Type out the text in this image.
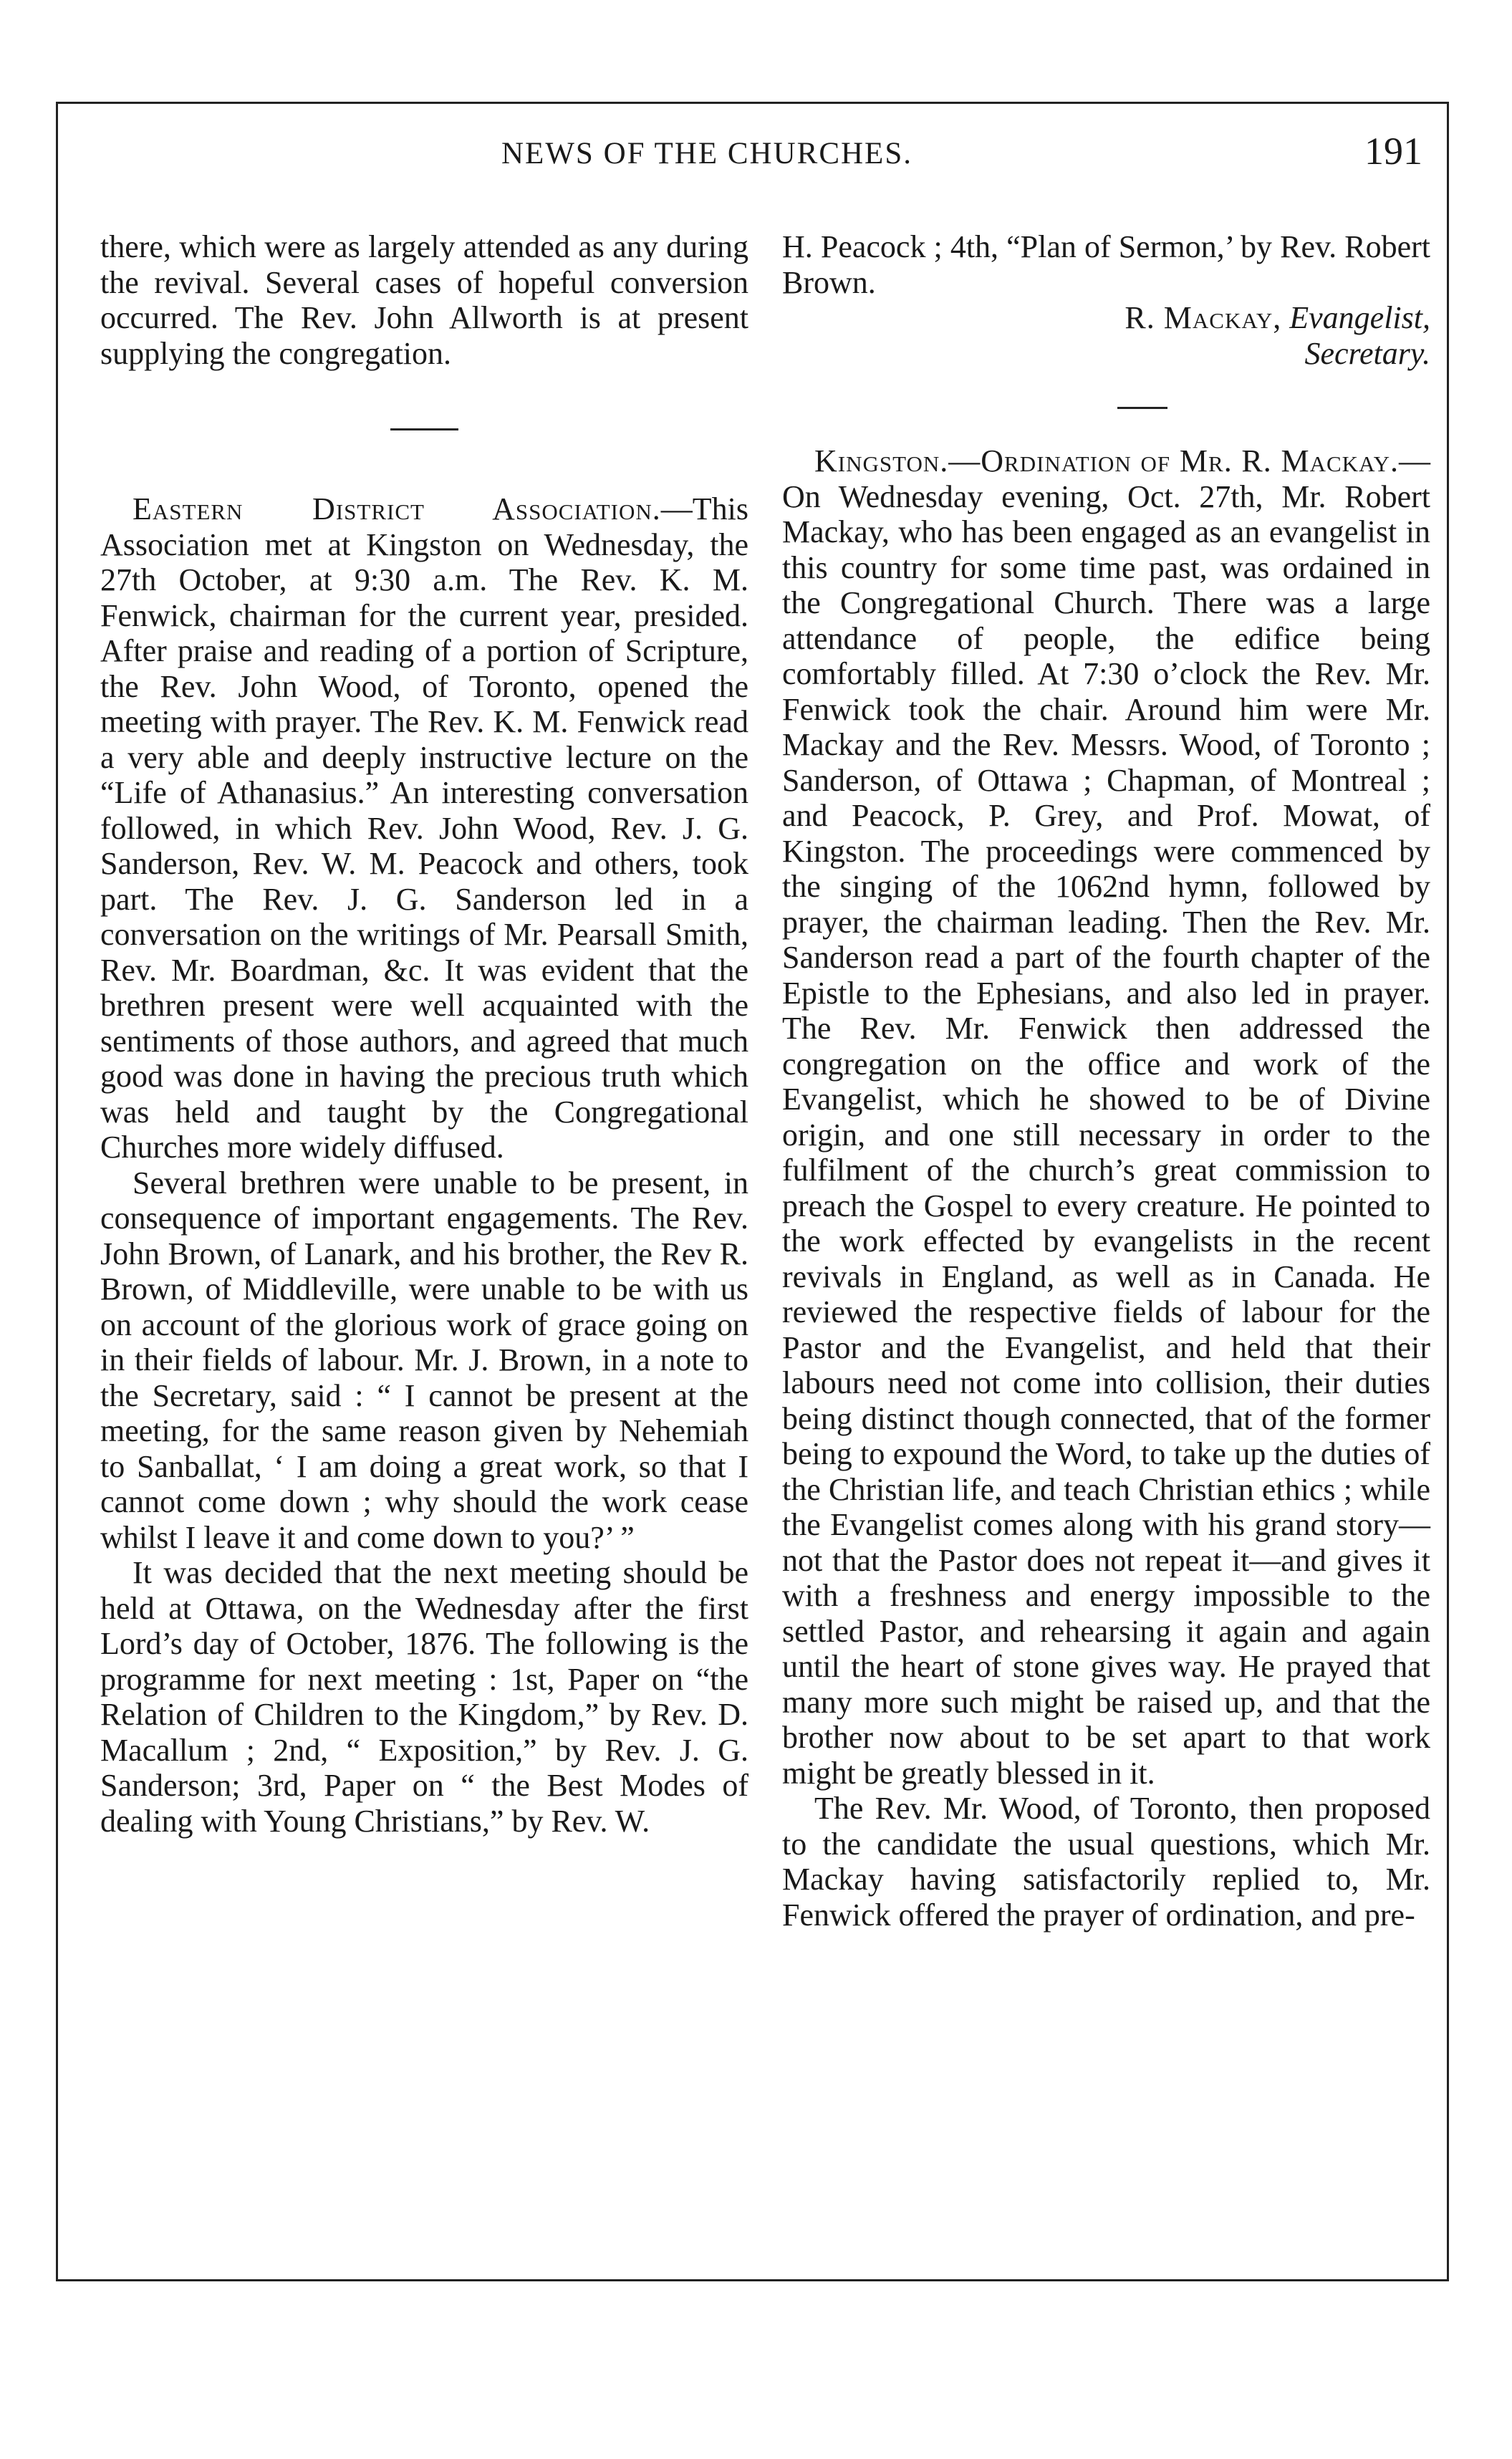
NEWS OF THE CHURCHES.	191

there, which were as largely attended as any during the revival. Several cases of hopeful conversion occurred. The Rev. John Allworth is at present supplying the congregation.

Eastern District Association.—This Association met at Kingston on Wednesday, the 27th October, at 9:30 a.m. The Rev. K. M. Fenwick, chairman for the current year, presided. After praise and reading of a portion of Scripture, the Rev. John Wood, of Toronto, opened the meeting with prayer. The Rev. K. M. Fenwick read a very able and deeply instructive lecture on the “Life of Athanasius.” An interesting conversation followed, in which Rev. John Wood, Rev. J. G. Sanderson, Rev. W. M. Peacock and others, took part. The Rev. J. G. Sanderson led in a conversation on the writings of Mr. Pearsall Smith, Rev. Mr. Boardman, &c. It was evident that the brethren present were well acquainted with the sentiments of those authors, and agreed that much good was done in having the precious truth which was held and taught by the Congregational Churches more widely diffused.

Several brethren were unable to be present, in consequence of important engagements. The Rev. John Brown, of Lanark, and his brother, the Rev R. Brown, of Middleville, were unable to be with us on account of the glorious work of grace going on in their fields of labour. Mr. J. Brown, in a note to the Secretary, said : “ I cannot be present at the meeting, for the same reason given by Nehemiah to Sanballat, ‘ I am doing a great work, so that I cannot come down ; why should the work cease whilst I leave it and come down to you?’ ”

It was decided that the next meeting should be held at Ottawa, on the Wednesday after the first Lord’s day of October, 1876. The following is the programme for next meeting : 1st, Paper on “the Relation of Children to the Kingdom,” by Rev. D. Macallum ; 2nd, “ Exposition,” by Rev. J. G. Sanderson; 3rd, Paper on “ the Best Modes of dealing with Young Christians,” by Rev. W.

H. Peacock ; 4th, “Plan of Sermon,’ by Rev. Robert Brown.

R. Mackay, Evangelist,
Secretary.

Kingston.—Ordination of Mr. R. Mackay.—On Wednesday evening, Oct. 27th, Mr. Robert Mackay, who has been engaged as an evangelist in this country for some time past, was ordained in the Congregational Church. There was a large attendance of people, the edifice being comfortably filled. At 7:30 o’clock the Rev. Mr. Fenwick took the chair. Around him were Mr. Mackay and the Rev. Messrs. Wood, of Toronto ; Sanderson, of Ottawa ; Chapman, of Montreal ; and Peacock, P. Grey, and Prof. Mowat, of Kingston. The proceedings were commenced by the singing of the 1062nd hymn, followed by prayer, the chairman leading. Then the Rev. Mr. Sanderson read a part of the fourth chapter of the Epistle to the Ephesians, and also led in prayer. The Rev. Mr. Fenwick then addressed the congregation on the office and work of the Evangelist, which he showed to be of Divine origin, and one still necessary in order to the fulfilment of the church’s great commission to preach the Gospel to every creature. He pointed to the work effected by evangelists in the recent revivals in England, as well as in Canada. He reviewed the respective fields of labour for the Pastor and the Evangelist, and held that their labours need not come into collision, their duties being distinct though connected, that of the former being to expound the Word, to take up the duties of the Christian life, and teach Christian ethics ; while the Evangelist comes along with his grand story—not that the Pastor does not repeat it—and gives it with a freshness and energy impossible to the settled Pastor, and rehearsing it again and again until the heart of stone gives way. He prayed that many more such might be raised up, and that the brother now about to be set apart to that work might be greatly blessed in it.

The Rev. Mr. Wood, of Toronto, then proposed to the candidate the usual questions, which Mr. Mackay having satisfactorily replied to, Mr. Fenwick offered the prayer of ordination, and pre-
